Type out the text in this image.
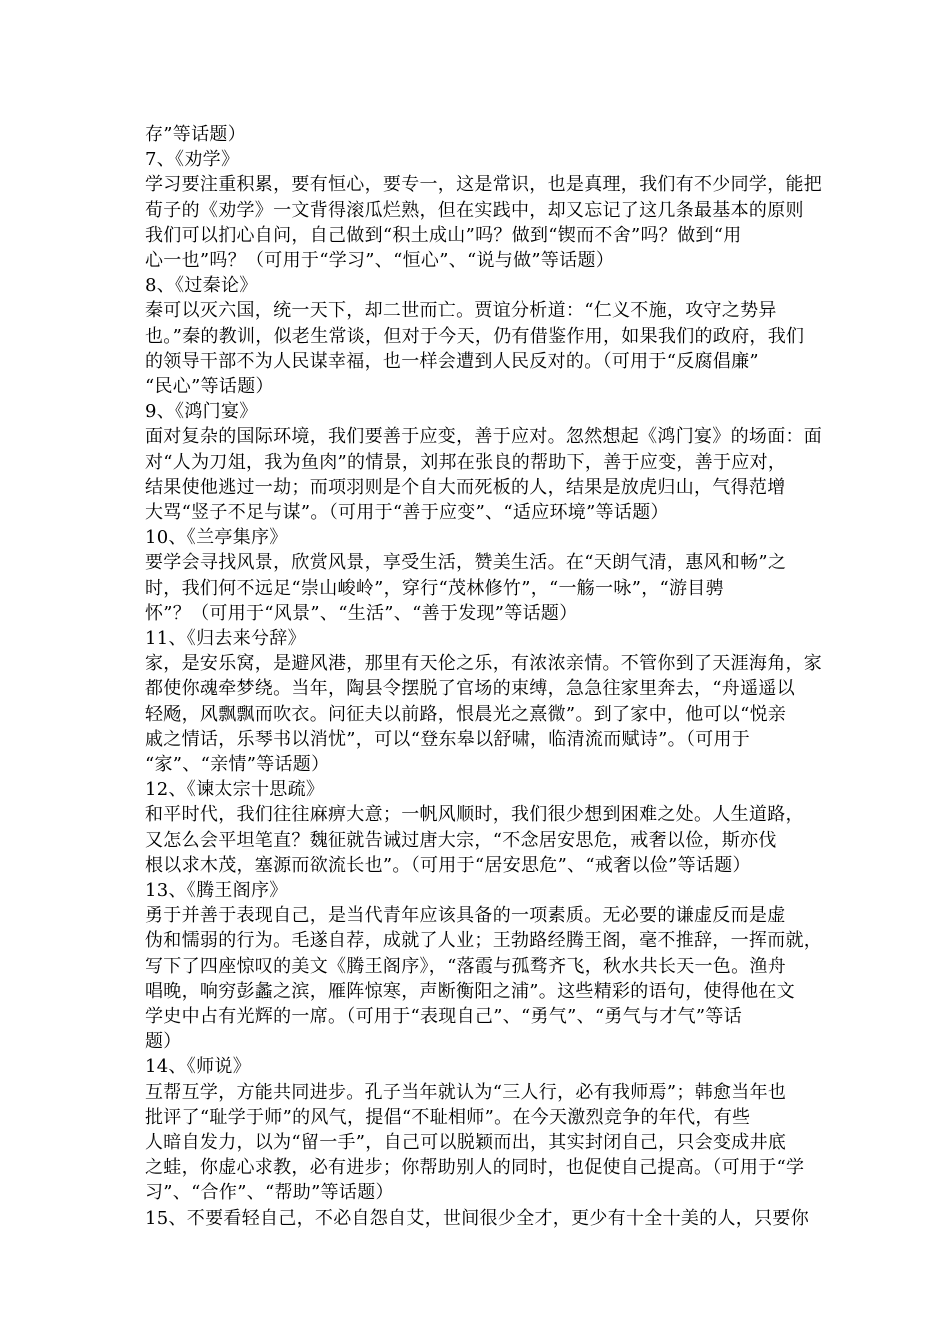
存”等话题）
7、《劝学》
学习要注重积累，要有恒心，要专一，这是常识，也是真理，我们有不少同学，能把
荀子的《劝学》一文背得滚瓜烂熟，但在实践中，却又忘记了这几条最基本的原则
我们可以扪心自问，自己做到“积土成山”吗？做到“锲而不舍”吗？做到“用
心一也”吗？（可用于“学习”、“恒心”、“说与做”等话题）
8、《过秦论》
秦可以灭六国，统一天下，却二世而亡。贾谊分析道：“仁义不施，攻守之势异
也。”秦的教训，似老生常谈，但对于今天，仍有借鉴作用，如果我们的政府，我们
的领导干部不为人民谋幸福，也一样会遭到人民反对的。（可用于“反腐倡廉”
“民心”等话题）
9、《鸿门宴》
面对复杂的国际环境，我们要善于应变，善于应对。忽然想起《鸿门宴》的场面：面
对“人为刀俎，我为鱼肉”的情景，刘邦在张良的帮助下，善于应变，善于应对，
结果使他逃过一劫；而项羽则是个自大而死板的人，结果是放虎归山，气得范增
大骂“竖子不足与谋”。（可用于“善于应变”、“适应环境”等话题）
10、《兰亭集序》
要学会寻找风景，欣赏风景，享受生活，赞美生活。在“天朗气清，惠风和畅”之
时，我们何不远足“崇山峻岭”，穿行“茂林修竹”，“一觞一咏”，“游目骋
怀”？（可用于“风景”、“生活”、“善于发现”等话题）
11、《归去来兮辞》
家，是安乐窝，是避风港，那里有天伦之乐，有浓浓亲情。不管你到了天涯海角，家
都使你魂牵梦绕。当年，陶县令摆脱了官场的束缚，急急往家里奔去，“舟遥遥以
轻飏，风飘飘而吹衣。问征夫以前路，恨晨光之熹微”。到了家中，他可以“悦亲
戚之情话，乐琴书以消忧”，可以“登东皋以舒啸，临清流而赋诗”。（可用于
“家”、“亲情”等话题）
12、《谏太宗十思疏》
和平时代，我们往往麻痹大意；一帆风顺时，我们很少想到困难之处。人生道路，
又怎么会平坦笔直？魏征就告诫过唐大宗，“不念居安思危，戒奢以俭，斯亦伐
根以求木茂，塞源而欲流长也”。（可用于“居安思危”、“戒奢以俭”等话题）
13、《腾王阁序》
勇于并善于表现自己，是当代青年应该具备的一项素质。无必要的谦虚反而是虚
伪和懦弱的行为。毛遂自荐，成就了人业；王勃路经腾王阁，毫不推辞，一挥而就，
写下了四座惊叹的美文《腾王阁序》，“落霞与孤骛齐飞，秋水共长天一色。渔舟
唱晚，响穷彭蠡之滨，雁阵惊寒，声断衡阳之浦”。这些精彩的语句，使得他在文
学史中占有光辉的一席。（可用于“表现自己”、“勇气”、“勇气与才气”等话
题）
14、《师说》
互帮互学，方能共同进步。孔子当年就认为“三人行，必有我师焉”；韩愈当年也
批评了“耻学于师”的风气，提倡“不耻相师”。在今天激烈竞争的年代，有些
人暗自发力，以为“留一手”，自己可以脱颖而出，其实封闭自己，只会变成井底
之蛙，你虚心求教，必有进步；你帮助别人的同时，也促使自己提高。（可用于“学
习”、“合作”、“帮助”等话题）
15、不要看轻自己，不必自怨自艾，世间很少全才，更少有十全十美的人，只要你
